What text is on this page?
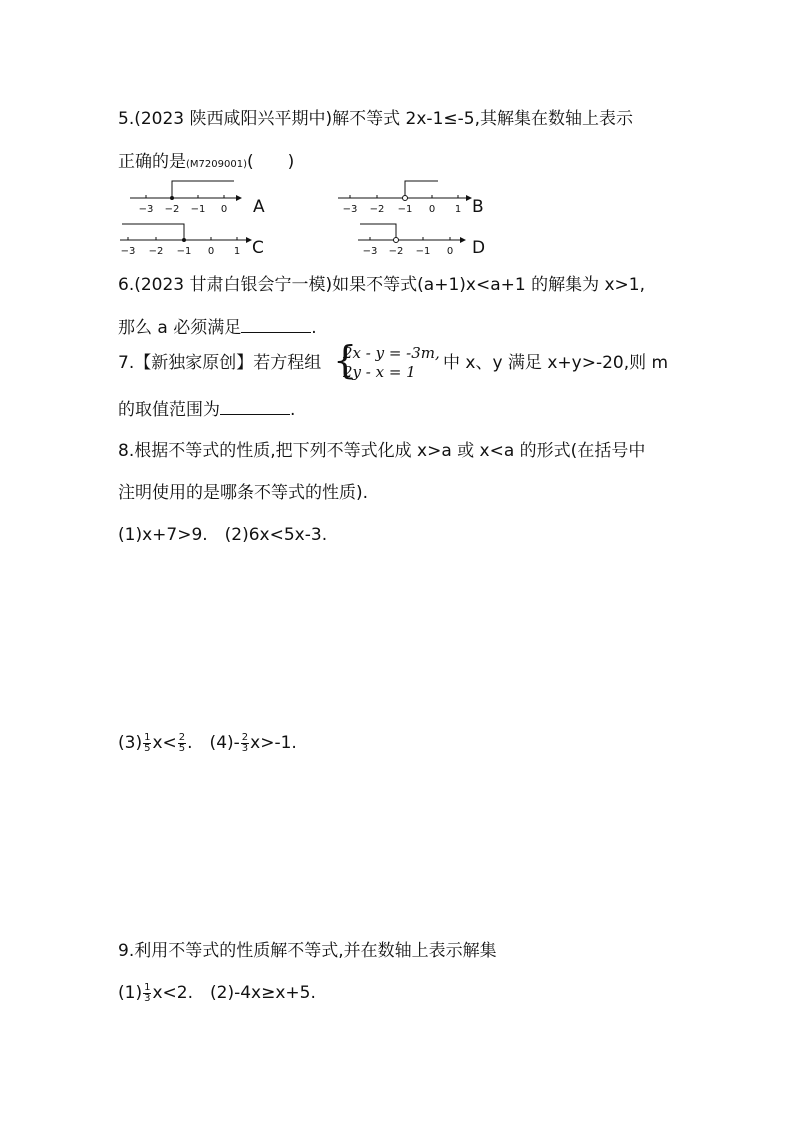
5.(2023 陕西咸阳兴平期中)解不等式 2x-1≤-5,其解集在数轴上表示
正确的是(M7209001)(　　)
−3 −2 −1 0 A	−3 −2 −1 0 1 B
−3 −2 −1 0 1 C	−3 −2 −1 0 D
6.(2023 甘肃白银会宁一模)如果不等式(a+1)x<a+1 的解集为 x>1,
那么 a 必须满足	.
7.【新独家原创】若方程组 {
2x - y = -3m,
2y - x = 1 中 x、y 满足 x+y>-20,则 m
的取值范围为	.
8.根据不等式的性质,把下列不等式化成 x>a 或 x<a 的形式(在括号中
注明使用的是哪条不等式的性质).
(1)x+7>9.　(2)6x<5x-3.
$(3) \frac{1}{5} x< \frac{2}{5}$ .　$(4)- \frac{2}{3} x>-1$.
9.利用不等式的性质解不等式,并在数轴上表示解集
$(1) \frac{1}{3} x<2$.　(2)-4x≥x+5.
